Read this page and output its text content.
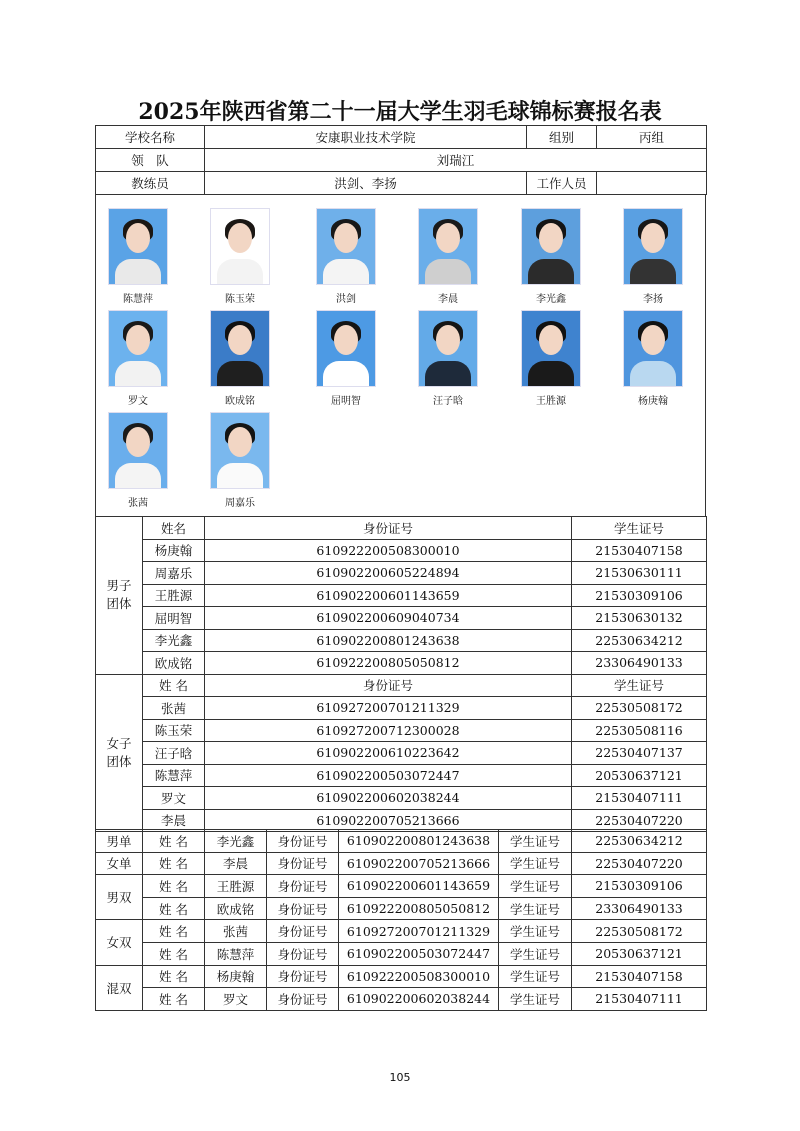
2025年陕西省第二十一届大学生羽毛球锦标赛报名表
学校名称	安康职业技术学院	组别	丙组
领　队	刘瑞江		
教练员	洪剑、李扬	工作人员	
陈慧萍	陈玉荣	洪剑	李晨	李光鑫	李扬
罗文	欧成铭	屈明智	汪子晗	王胜源	杨庚翰
张茜	周嘉乐
男子团体	姓名	身份证号	学生证号
	杨庚翰	610922200508300010	21530407158
	周嘉乐	610902200605224894	21530630111
	王胜源	610902200601143659	21530309106
	屈明智	610902200609040734	21530630132
	李光鑫	610902200801243638	22530634212
	欧成铭	610922200805050812	23306490133
女子团体	姓 名	身份证号	学生证号
	张茜	610927200701211329	22530508172
	陈玉荣	610927200712300028	22530508116
	汪子晗	610902200610223642	22530407137
	陈慧萍	610902200503072447	20530637121
	罗文	610902200602038244	21530407111
	李晨	610902200705213666	22530407220
男单	姓 名	李光鑫	身份证号	610902200801243638	学生证号	22530634212
女单	姓 名	李晨	身份证号	610902200705213666	学生证号	22530407220
男双	姓 名	王胜源	身份证号	610902200601143659	学生证号	21530309106
	姓 名	欧成铭	身份证号	610922200805050812	学生证号	23306490133
女双	姓 名	张茜	身份证号	610927200701211329	学生证号	22530508172
	姓 名	陈慧萍	身份证号	610902200503072447	学生证号	20530637121
混双	姓 名	杨庚翰	身份证号	610922200508300010	学生证号	21530407158
	姓 名	罗文	身份证号	610902200602038244	学生证号	21530407111
105
